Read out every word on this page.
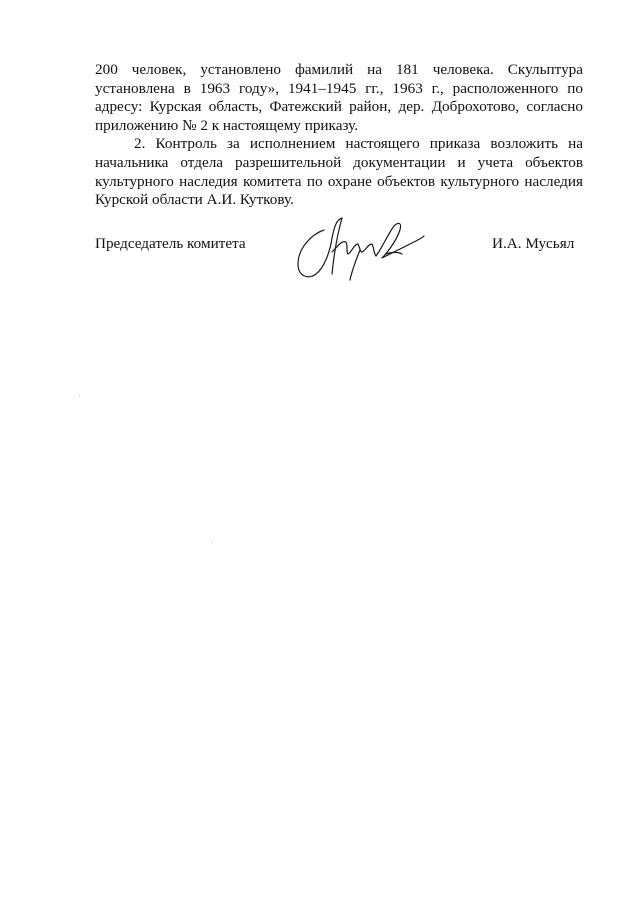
200 человек, установлено фамилий на 181 человека. Скульптура
установлена в 1963 году», 1941–1945 гг., 1963 г., расположенного по
адресу: Курская область, Фатежский район, дер. Доброхотово, согласно
приложению № 2 к настоящему приказу.
2. Контроль за исполнением настоящего приказа возложить на
начальника отдела разрешительной документации и учета объектов
культурного наследия комитета по охране объектов культурного наследия
Курской области А.И. Куткову.
Председатель комитета	И.А. Мусьял
